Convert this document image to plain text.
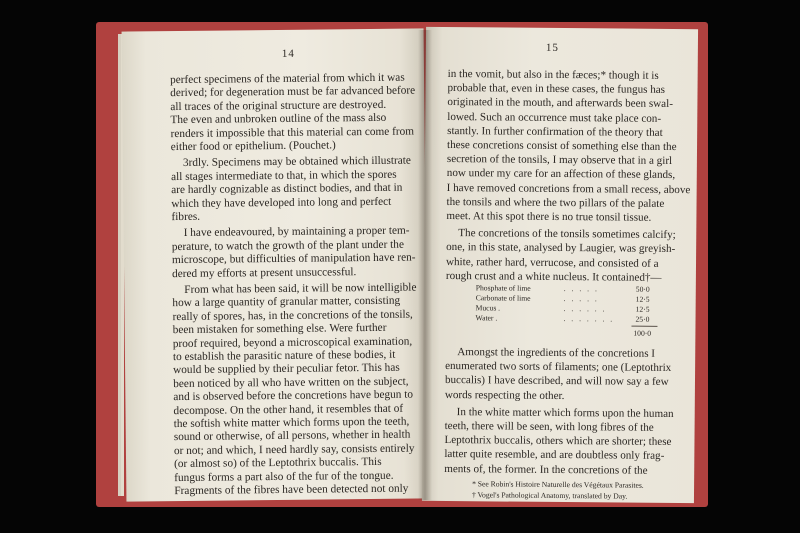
14
perfect specimens of the material from which it was
derived; for degeneration must be far advanced before
all traces of the original structure are destroyed.
The even and unbroken outline of the mass also
renders it impossible that this material can come from
either food or epithelium. (Pouchet.)
3rdly. Specimens may be obtained which illustrate
all stages intermediate to that, in which the spores
are hardly cognizable as distinct bodies, and that in
which they have developed into long and perfect
fibres.
I have endeavoured, by maintaining a proper tem-
perature, to watch the growth of the plant under the
microscope, but difficulties of manipulation have ren-
dered my efforts at present unsuccessful.
From what has been said, it will be now intelligible
how a large quantity of granular matter, consisting
really of spores, has, in the concretions of the tonsils,
been mistaken for something else. Were further
proof required, beyond a microscopical examination,
to establish the parasitic nature of these bodies, it
would be supplied by their peculiar fetor. This has
been noticed by all who have written on the subject,
and is observed before the concretions have begun to
decompose. On the other hand, it resembles that of
the softish white matter which forms upon the teeth,
sound or otherwise, of all persons, whether in health
or not; and which, I need hardly say, consists entirely
(or almost so) of the Leptothrix buccalis. This
fungus forms a part also of the fur of the tongue.
Fragments of the fibres have been detected not only
15
in the vomit, but also in the fæces;* though it is
probable that, even in these cases, the fungus has
originated in the mouth, and afterwards been swal-
lowed. Such an occurrence must take place con-
stantly. In further confirmation of the theory that
these concretions consist of something else than the
secretion of the tonsils, I may observe that in a girl
now under my care for an affection of these glands,
I have removed concretions from a small recess, above
the tonsils and where the two pillars of the palate
meet. At this spot there is no true tonsil tissue.
The concretions of the tonsils sometimes calcify;
one, in this state, analysed by Laugier, was greyish-
white, rather hard, verrucose, and consisted of a
rough crust and a white nucleus. It contained†—
Phosphate of lime	. . . . .	50·0
Carbonate of lime	. . . . .	12·5
Mucus .	. . . . . .	12·5
Water .	. . . . . . .	25·0
100·0
Amongst the ingredients of the concretions I
enumerated two sorts of filaments; one (Leptothrix
buccalis) I have described, and will now say a few
words respecting the other.
In the white matter which forms upon the human
teeth, there will be seen, with long fibres of the
Leptothrix buccalis, others which are shorter; these
latter quite resemble, and are doubtless only frag-
ments of, the former. In the concretions of the
* See Robin's Histoire Naturelle des Végétaux Parasites.
† Vogel's Pathological Anatomy, translated by Day.
